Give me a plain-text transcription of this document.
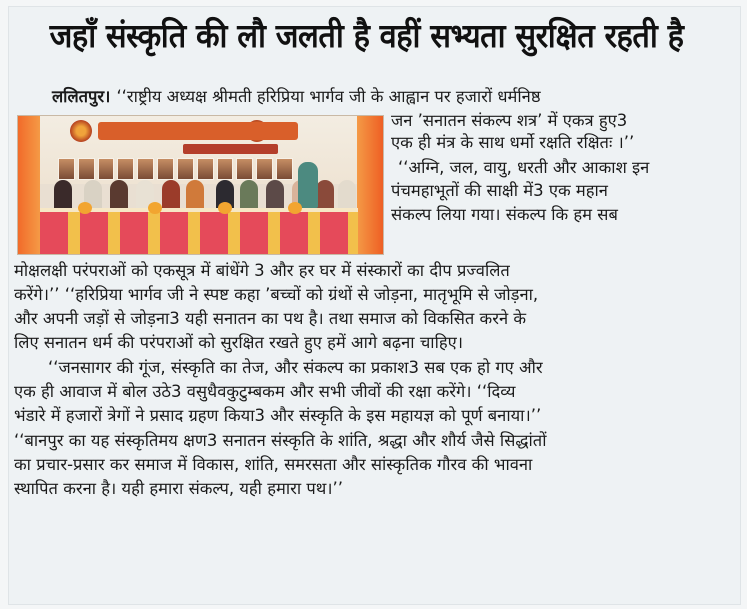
जहाँ संस्कृति की लौ जलती है वहीं सभ्यता सुरक्षित रहती है
ललितपुर। ‘‘राष्ट्रीय अध्यक्ष श्रीमती हरिप्रिया भार्गव जी के आह्वान पर हजारों धर्मनिष्ठ
जन ’सनातन संकल्प शत्र’ में एकत्र हुए3
एक ही मंत्र के साथ धर्मो रक्षति रक्षितः ।’’
‘‘अग्नि, जल, वायु, धरती और आकाश इन
पंचमहाभूतों की साक्षी में3 एक महान
संकल्प लिया गया। संकल्प कि हम सब
मोक्षलक्षी परंपराओं को एकसूत्र में बांधेंगे 3 और हर घर में संस्कारों का दीप प्रज्वलित
करेंगे।’’ ‘‘हरिप्रिया भार्गव जी ने स्पष्ट कहा ’बच्चों को ग्रंथों से जोड़ना, मातृभूमि से जोड़ना,
और अपनी जड़ों से जोड़ना3 यही सनातन का पथ है। तथा समाज को विकसित करने के
लिए सनातन धर्म की परंपराओं को सुरक्षित रखते हुए हमें आगे बढ़ना चाहिए।
‘‘जनसागर की गूंज, संस्कृति का तेज, और संकल्प का प्रकाश3 सब एक हो गए और
एक ही आवाज में बोल उठे3 वसुधैवकुटुम्बकम और सभी जीवों की रक्षा करेंगे। ‘‘दिव्य
भंडारे में हजारों त्रेगों ने प्रसाद ग्रहण किया3 और संस्कृति के इस महायज्ञ को पूर्ण बनाया।’’
‘‘बानपुर का यह संस्कृतिमय क्षण3 सनातन संस्कृति के शांति, श्रद्धा और शौर्य जैसे सिद्धांतों
का प्रचार-प्रसार कर समाज में विकास, शांति, समरसता और सांस्कृतिक गौरव की भावना
स्थापित करना है। यही हमारा संकल्प, यही हमारा पथ।’’
